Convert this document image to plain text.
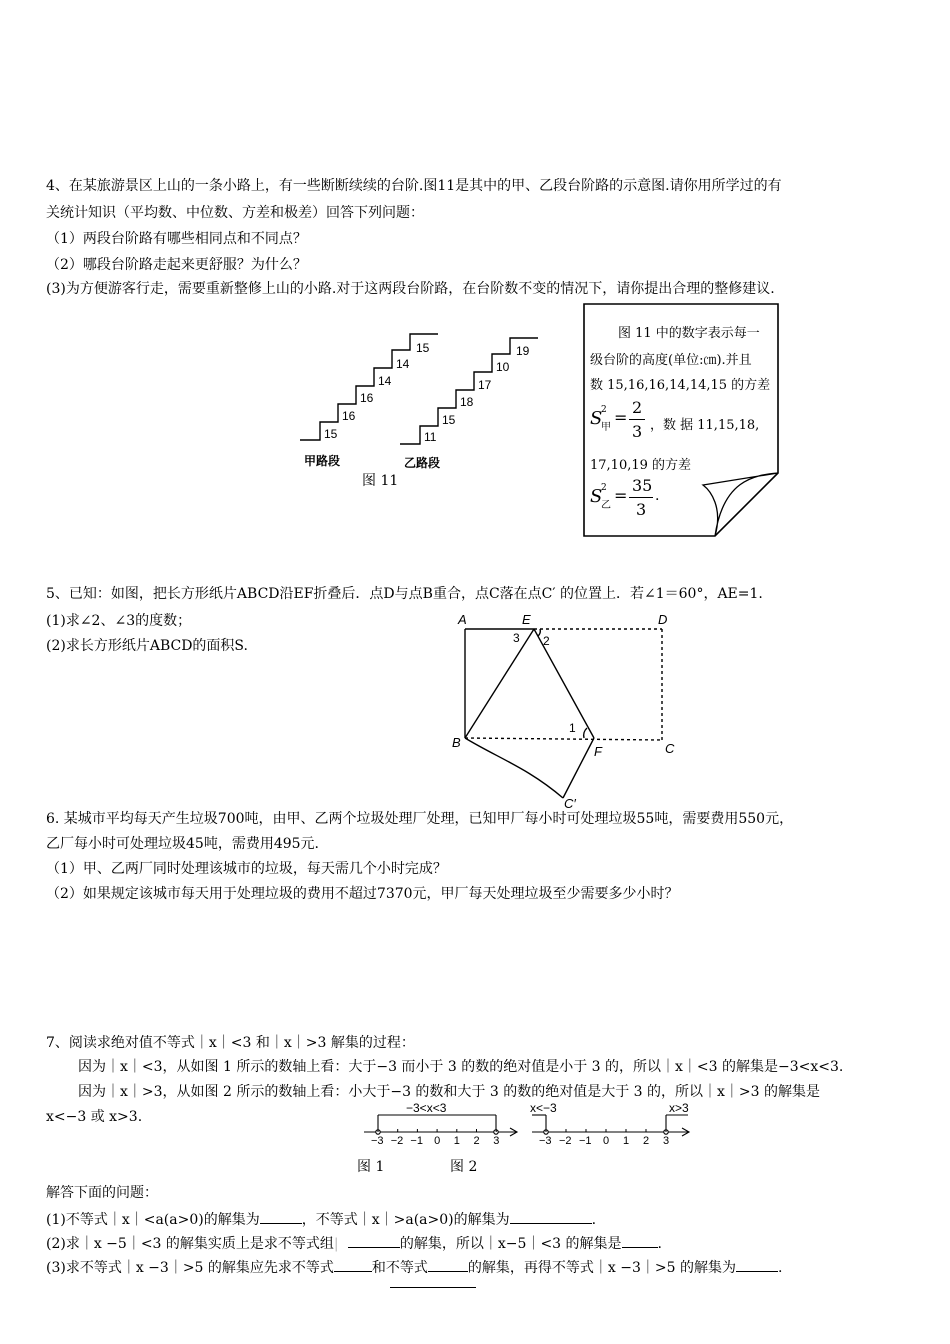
4、在某旅游景区上山的一条小路上，有一些断断续续的台阶.图11是其中的甲、乙段台阶路的示意图.请你用所学过的有
关统计知识（平均数、中位数、方差和极差）回答下列问题：
（1）两段台阶路有哪些相同点和不同点？
（2）哪段台阶路走起来更舒服？为什么？
(3)为方便游客行走，需要重新整修上山的小路.对于这两段台阶路，在台阶数不变的情况下，请你提出合理的整修建议.
15
16
16
14
14
15
11
15
18
17
10
19
甲路段	乙路段
图 11
图 11 中的数字表示每一
级台阶的高度(单位:㎝).并且
数 15,16,16,14,14,15 的方差
S
2
甲
=
2
3 ，数 据 11,15,18,
17,10,19 的方差
S
2
乙
=
35
3
.
5、已知：如图，把长方形纸片ABCD沿EF折叠后．点D与点B重合，点C落在点C′ 的位置上．若∠1＝60°，AE=1.
(1)求∠2、∠3的度数；
(2)求长方形纸片ABCD的面积S.
A	E	D
B
F	C
C′
1
2
3
6. 某城市平均每天产生垃圾700吨，由甲、乙两个垃圾处理厂处理，已知甲厂每小时可处理垃圾55吨，需要费用550元，
乙厂每小时可处理垃圾45吨，需费用495元.
（1）甲、乙两厂同时处理该城市的垃圾，每天需几个小时完成？
（2）如果规定该城市每天用于处理垃圾的费用不超过7370元，甲厂每天处理垃圾至少需要多少小时？
7、阅读求绝对值不等式｜x｜<3 和｜x｜>3 解集的过程：
因为｜x｜<3，从如图 1 所示的数轴上看：大于−3 而小于 3 的数的绝对值是小于 3 的，所以｜x｜<3 的解集是−3<x<3.
因为｜x｜>3，从如图 2 所示的数轴上看：小大于−3 的数和大于 3 的数的绝对值是大于 3 的，所以｜x｜>3 的解集是
x<−3 或 x>3.
−3<x<3
−3 −2 −1 0 1 2 3
x<−3	x>3
−3 −2 −1 0 1 2 3
图 1	图 2
解答下面的问题：
(1)不等式｜x｜<a(a>0)的解集为	，不等式｜x｜>a(a>0)的解集为	.
(2)求｜x −5｜<3 的解集实质上是求不等式组|	的解集，所以｜x−5｜<3 的解集是	.
(3)求不等式｜x −3｜>5 的解集应先求不等式	和不等式	的解集，再得不等式｜x −3｜>5 的解集为	.
